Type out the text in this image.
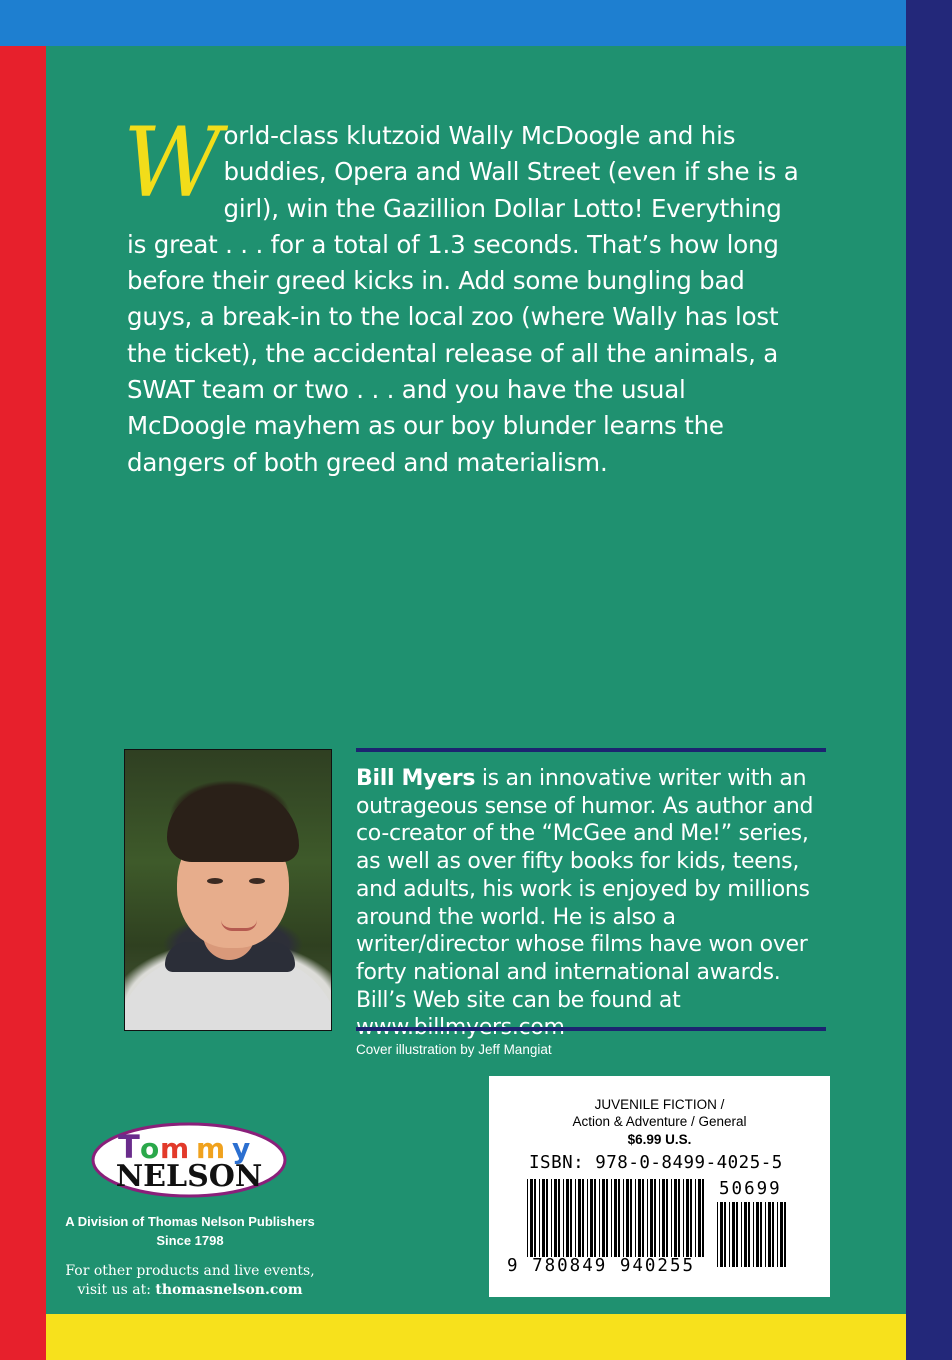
W orld-class klutzoid Wally McDoogle and his buddies, Opera and Wall Street (even if she is a girl), win the Gazillion Dollar Lotto! Everything is great . . . for a total of 1.3 seconds. That’s how long before their greed kicks in. Add some bungling bad guys, a break-in to the local zoo (where Wally has lost the ticket), the accidental release of all the animals, a SWAT team or two . . . and you have the usual McDoogle mayhem as our boy blunder learns the dangers of both greed and materialism.
Bill Myers is an innovative writer with an outrageous sense of humor. As author and co-creator of the “McGee and Me!” series, as well as over fifty books for kids, teens, and adults, his work is enjoyed by millions around the world. He is also a writer/director whose films have won over forty national and international awards. Bill’s Web site can be found at
Cover illustration by Jeff Mangiat
T o m m y
NELSON
A Division of Thomas Nelson Publishers
Since 1798
For other products and live events,
visit us at: thomasnelson.com
JUVENILE FICTION /
Action & Adventure / General
$6.99 U.S.
ISBN: 978-0-8499-4025-5
50699
9 780849 940255
